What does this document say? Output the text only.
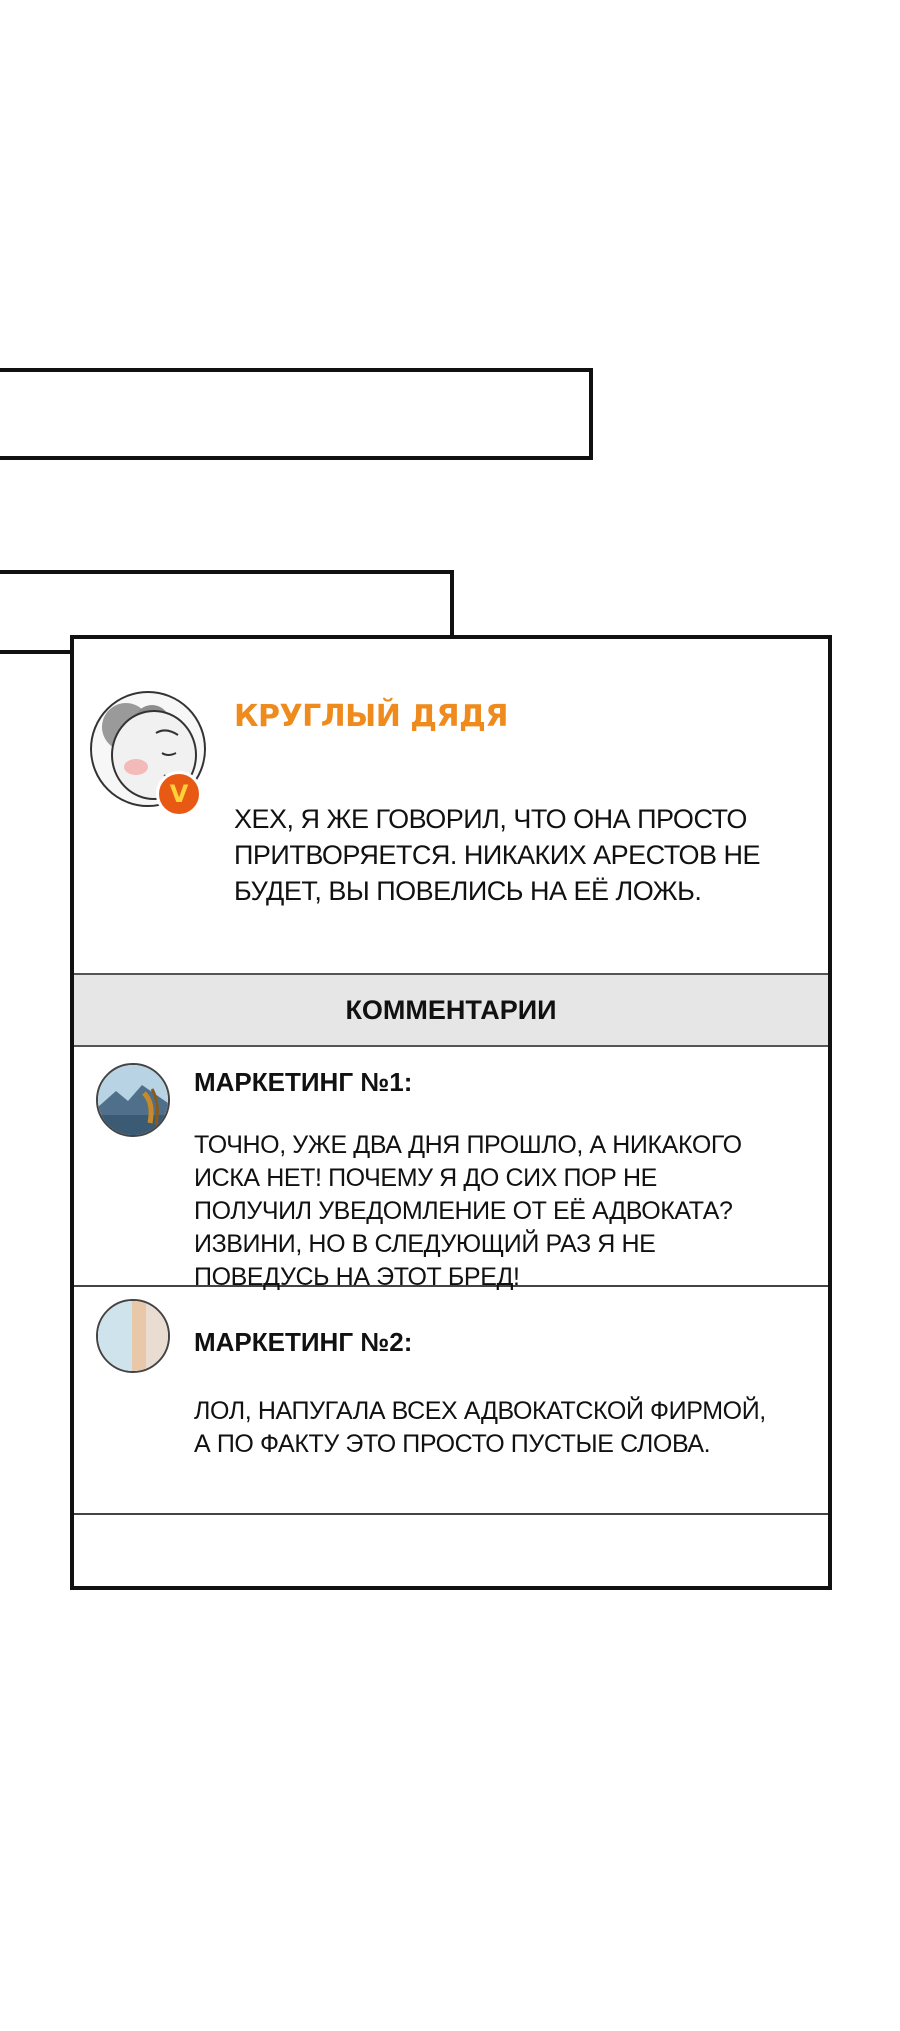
V
КРУГЛЫЙ ДЯДЯ
ХЕХ, Я ЖЕ ГОВОРИЛ, ЧТО ОНА ПРОСТО ПРИТВОРЯЕТСЯ. НИКАКИХ АРЕСТОВ НЕ БУДЕТ, ВЫ ПОВЕЛИСЬ НА ЕЁ ЛОЖЬ.
КОММЕНТАРИИ
МАРКЕТИНГ №1:
ТОЧНО, УЖЕ ДВА ДНЯ ПРОШЛО, А НИКАКОГО ИСКА НЕТ! ПОЧЕМУ Я ДО СИХ ПОР НЕ ПОЛУЧИЛ УВЕДОМЛЕНИЕ ОТ ЕЁ АДВОКАТА? ИЗВИНИ, НО В СЛЕДУЮЩИЙ РАЗ Я НЕ ПОВЕДУСЬ НА ЭТОТ БРЕД!
МАРКЕТИНГ №2:
ЛОЛ, НАПУГАЛА ВСЕХ АДВОКАТСКОЙ ФИРМОЙ, А ПО ФАКТУ ЭТО ПРОСТО ПУСТЫЕ СЛОВА.
